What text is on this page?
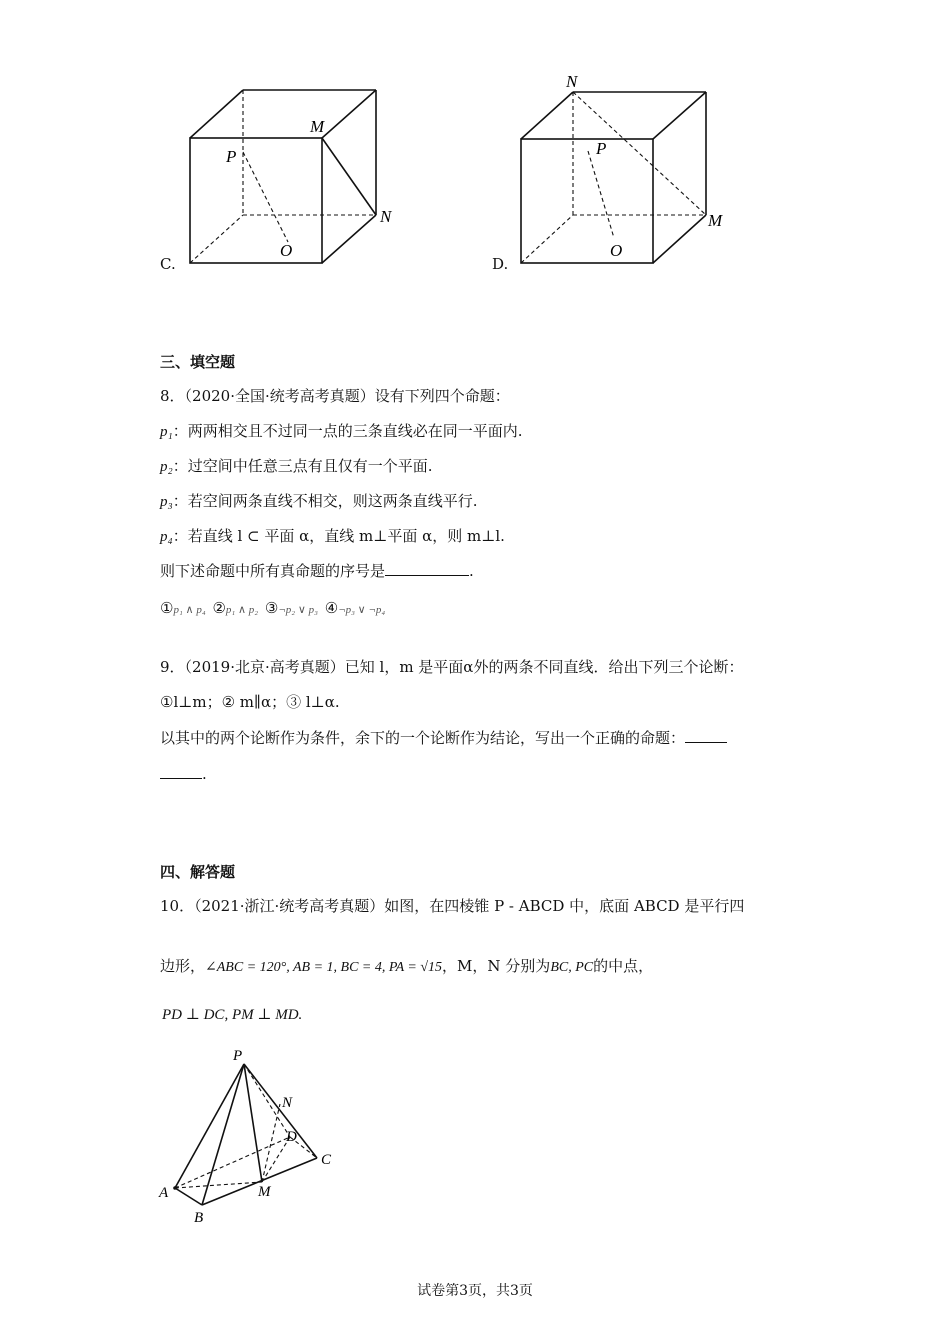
P
M
N
O
C.
N
P
M
O
D.
三、填空题
8．（2020·全国·统考高考真题）设有下列四个命题：
p₁：两两相交且不过同一点的三条直线必在同一平面内.
p₂：过空间中任意三点有且仅有一个平面.
p₃：若空间两条直线不相交，则这两条直线平行.
p₄：若直线 l ⊂ 平面 α，直线 m⊥平面 α，则 m⊥l.
则下述命题中所有真命题的序号是	.
①p₁ ∧ p₄ ②p₁ ∧ p₂ ③¬p₂ ∨ p₃ ④¬p₃ ∨ ¬p₄
9．（2019·北京·高考真题）已知 l，m 是平面α外的两条不同直线．给出下列三个论断：
①l⊥m；② m∥α；③ l⊥α.
以其中的两个论断作为条件，余下的一个论断作为结论，写出一个正确的命题：
.
四、解答题
10．（2021·浙江·统考高考真题）如图，在四棱锥 P - ABCD 中，底面 ABCD 是平行四
边形，∠ABC = 120°, AB = 1, BC = 4, PA = √15，M，N 分别为BC, PC的中点，
PD ⊥ DC, PM ⊥ MD.
P
N
D
C
A	M
B
试卷第3页，共3页
